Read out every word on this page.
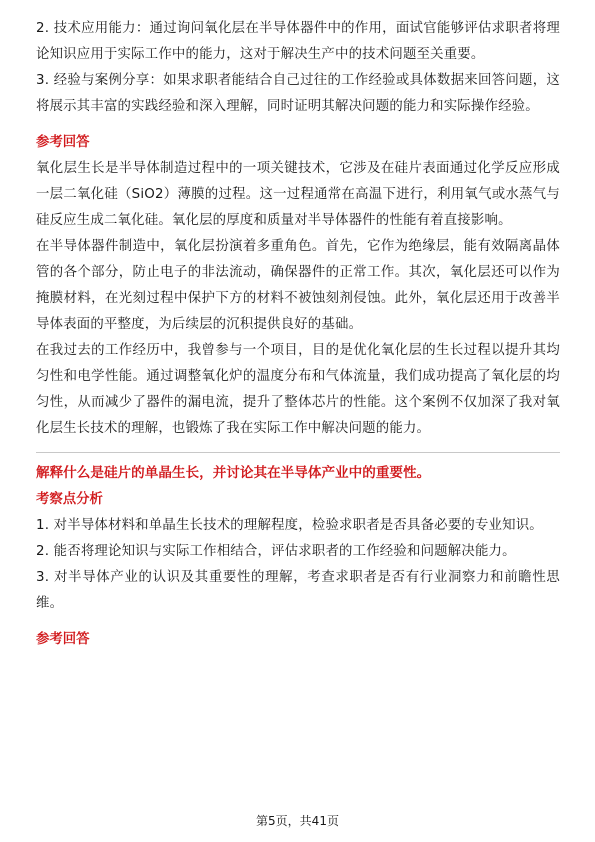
2. 技术应用能力：通过询问氧化层在半导体器件中的作用，面试官能够评估求职者将理论知识应用于实际工作中的能力，这对于解决生产中的技术问题至关重要。

3. 经验与案例分享：如果求职者能结合自己过往的工作经验或具体数据来回答问题，这将展示其丰富的实践经验和深入理解，同时证明其解决问题的能力和实际操作经验。

参考回答

氧化层生长是半导体制造过程中的一项关键技术，它涉及在硅片表面通过化学反应形成一层二氧化硅（SiO2）薄膜的过程。这一过程通常在高温下进行，利用氧气或水蒸气与硅反应生成二氧化硅。氧化层的厚度和质量对半导体器件的性能有着直接影响。

在半导体器件制造中，氧化层扮演着多重角色。首先，它作为绝缘层，能有效隔离晶体管的各个部分，防止电子的非法流动，确保器件的正常工作。其次，氧化层还可以作为掩膜材料，在光刻过程中保护下方的材料不被蚀刻剂侵蚀。此外，氧化层还用于改善半导体表面的平整度，为后续层的沉积提供良好的基础。

在我过去的工作经历中，我曾参与一个项目，目的是优化氧化层的生长过程以提升其均匀性和电学性能。通过调整氧化炉的温度分布和气体流量，我们成功提高了氧化层的均匀性，从而减少了器件的漏电流，提升了整体芯片的性能。这个案例不仅加深了我对氧化层生长技术的理解，也锻炼了我在实际工作中解决问题的能力。

解释什么是硅片的单晶生长，并讨论其在半导体产业中的重要性。

考察点分析

1. 对半导体材料和单晶生长技术的理解程度，检验求职者是否具备必要的专业知识。

2. 能否将理论知识与实际工作相结合，评估求职者的工作经验和问题解决能力。

3. 对半导体产业的认识及其重要性的理解，考查求职者是否有行业洞察力和前瞻性思维。

参考回答

第5页，共41页
